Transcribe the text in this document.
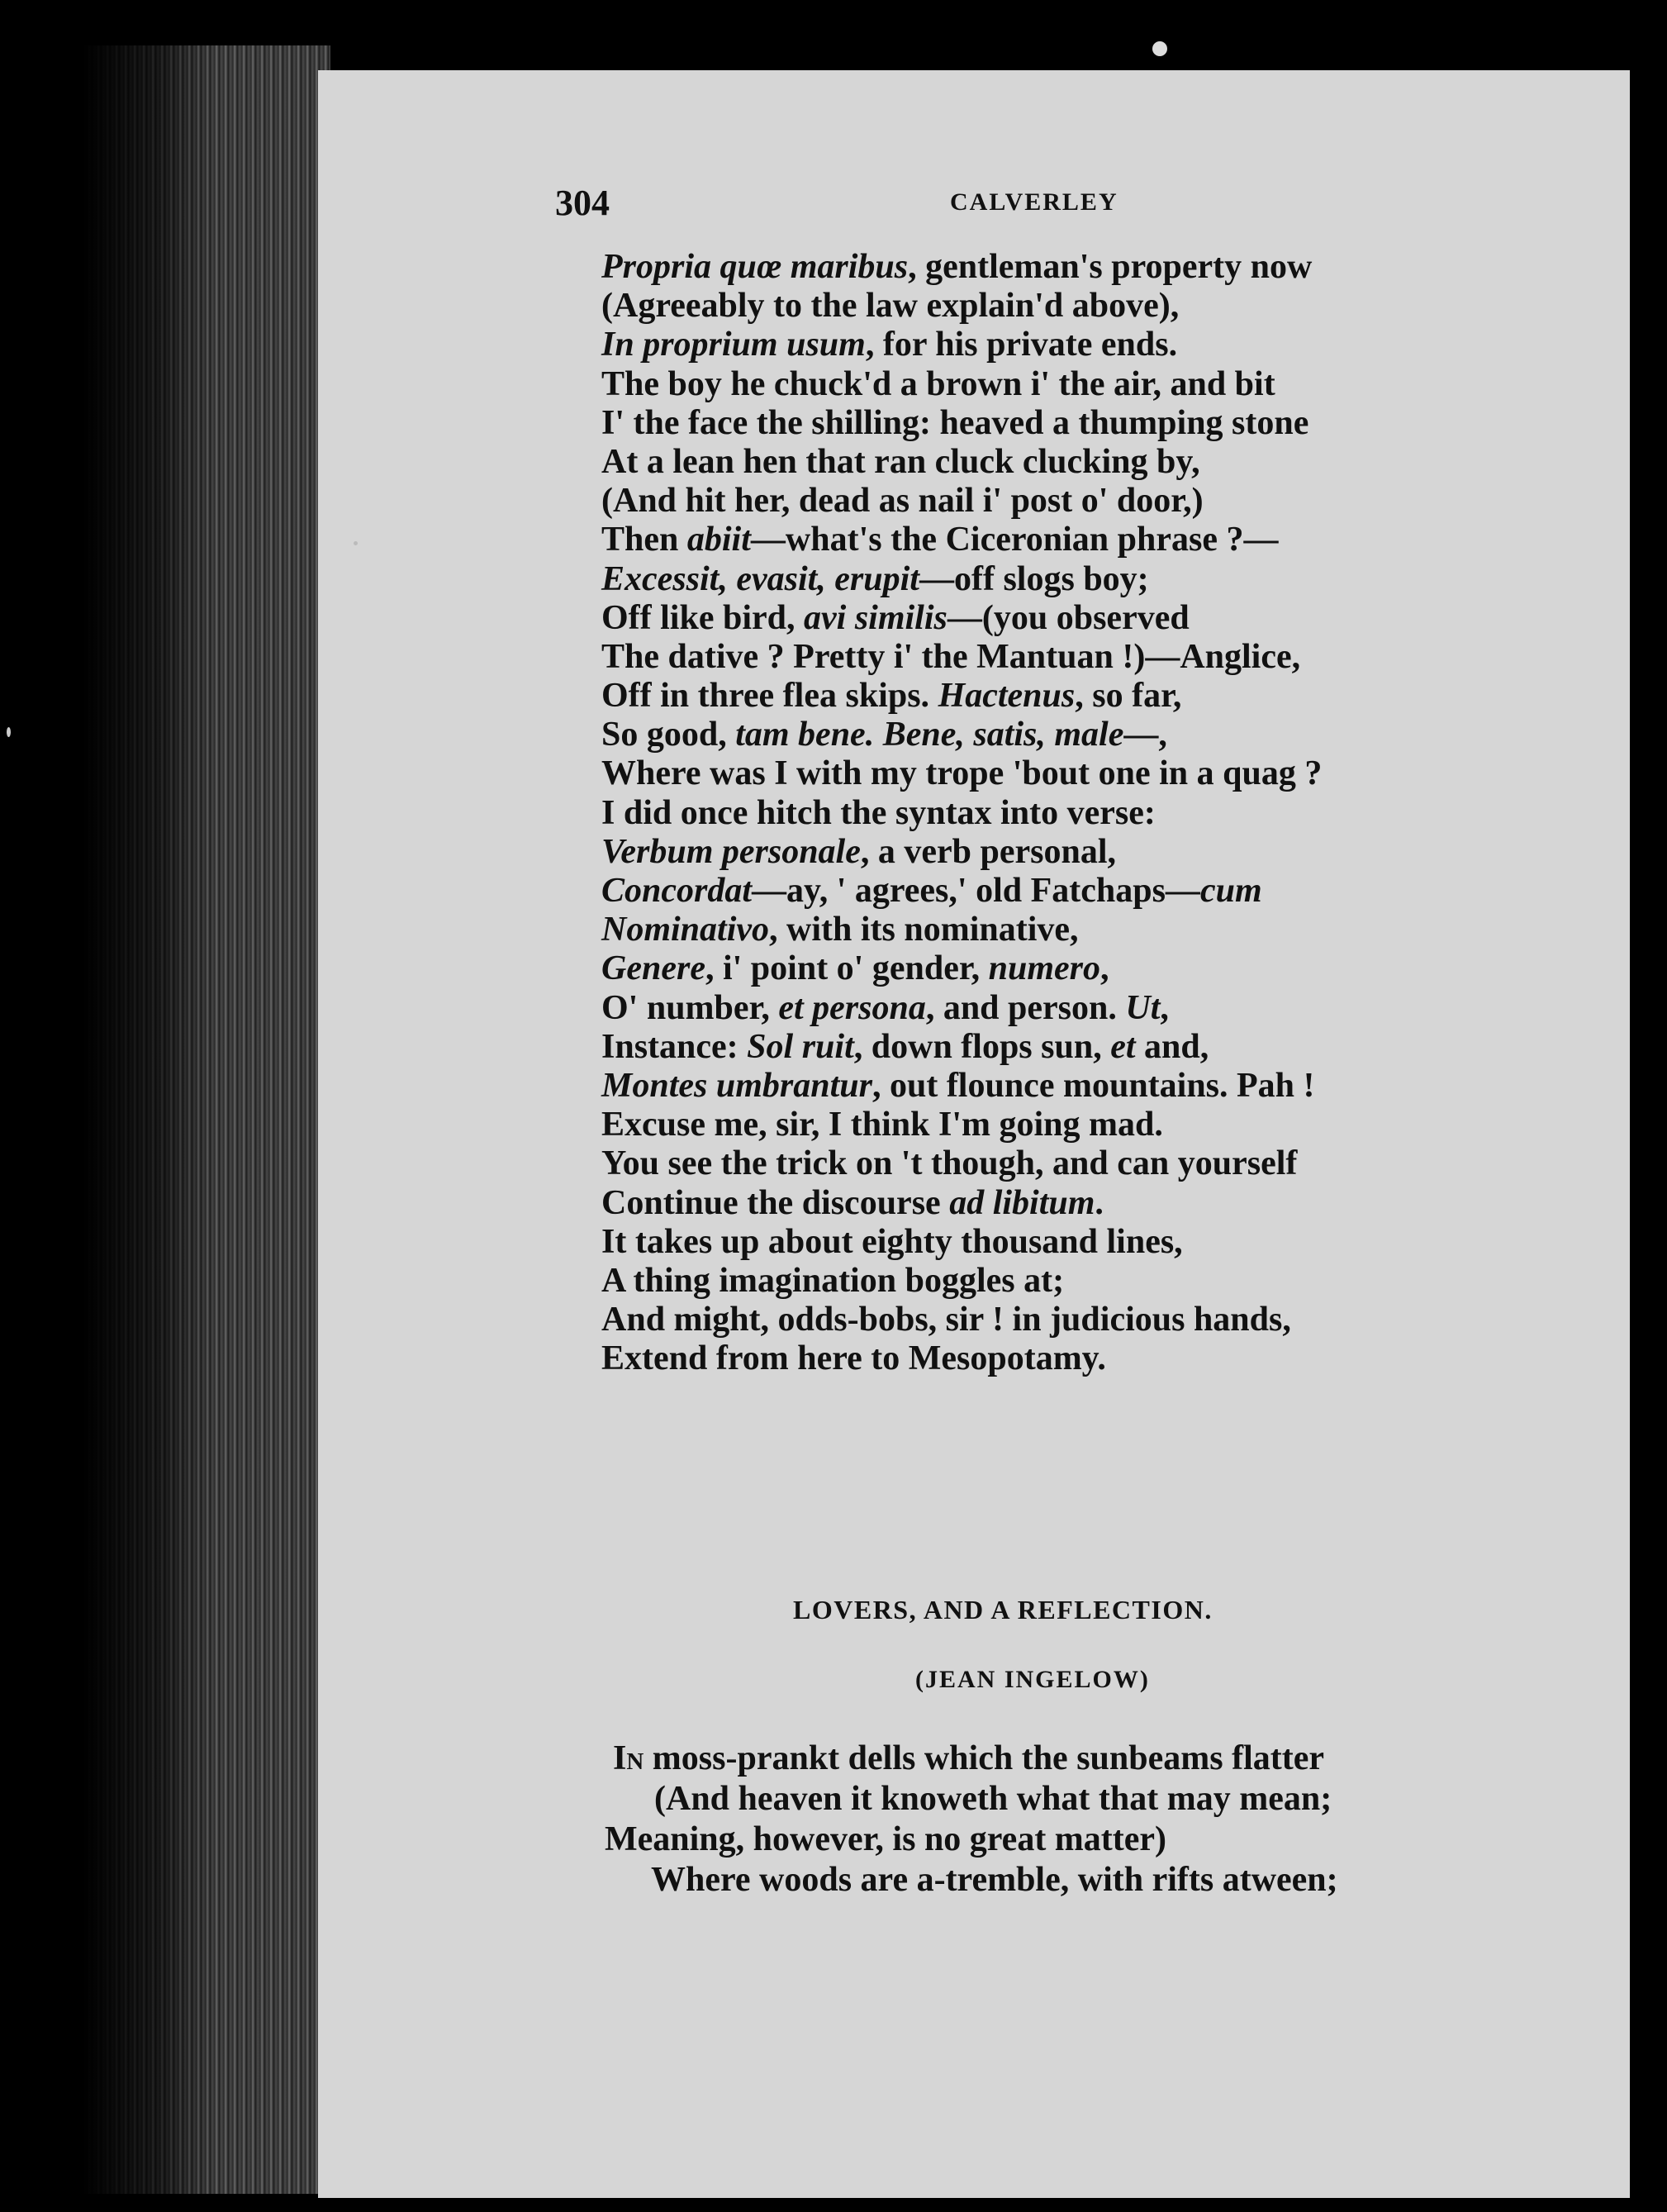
304	CALVERLEY
Propria quœ maribus, gentleman's property now
(Agreeably to the law explain'd above),
In proprium usum, for his private ends.
The boy he chuck'd a brown i' the air, and bit
I' the face the shilling: heaved a thumping stone
At a lean hen that ran cluck clucking by,
(And hit her, dead as nail i' post o' door,)
Then abiit—what's the Ciceronian phrase ?—
Excessit, evasit, erupit—off slogs boy;
Off like bird, avi similis—(you observed
The dative ? Pretty i' the Mantuan !)—Anglice,
Off in three flea skips. Hactenus, so far,
So good, tam bene. Bene, satis, male—,
Where was I with my trope 'bout one in a quag ?
I did once hitch the syntax into verse:
Verbum personale, a verb personal,
Concordat—ay, ' agrees,' old Fatchaps—cum
Nominativo, with its nominative,
Genere, i' point o' gender, numero,
O' number, et persona, and person. Ut,
Instance: Sol ruit, down flops sun, et and,
Montes umbrantur, out flounce mountains. Pah !
Excuse me, sir, I think I'm going mad.
You see the trick on 't though, and can yourself
Continue the discourse ad libitum.
It takes up about eighty thousand lines,
A thing imagination boggles at;
And might, odds-bobs, sir ! in judicious hands,
Extend from here to Mesopotamy.
LOVERS, AND A REFLECTION.
(JEAN INGELOW)
In moss-prankt dells which the sunbeams flatter
(And heaven it knoweth what that may mean;
Meaning, however, is no great matter)
Where woods are a-tremble, with rifts atween;
